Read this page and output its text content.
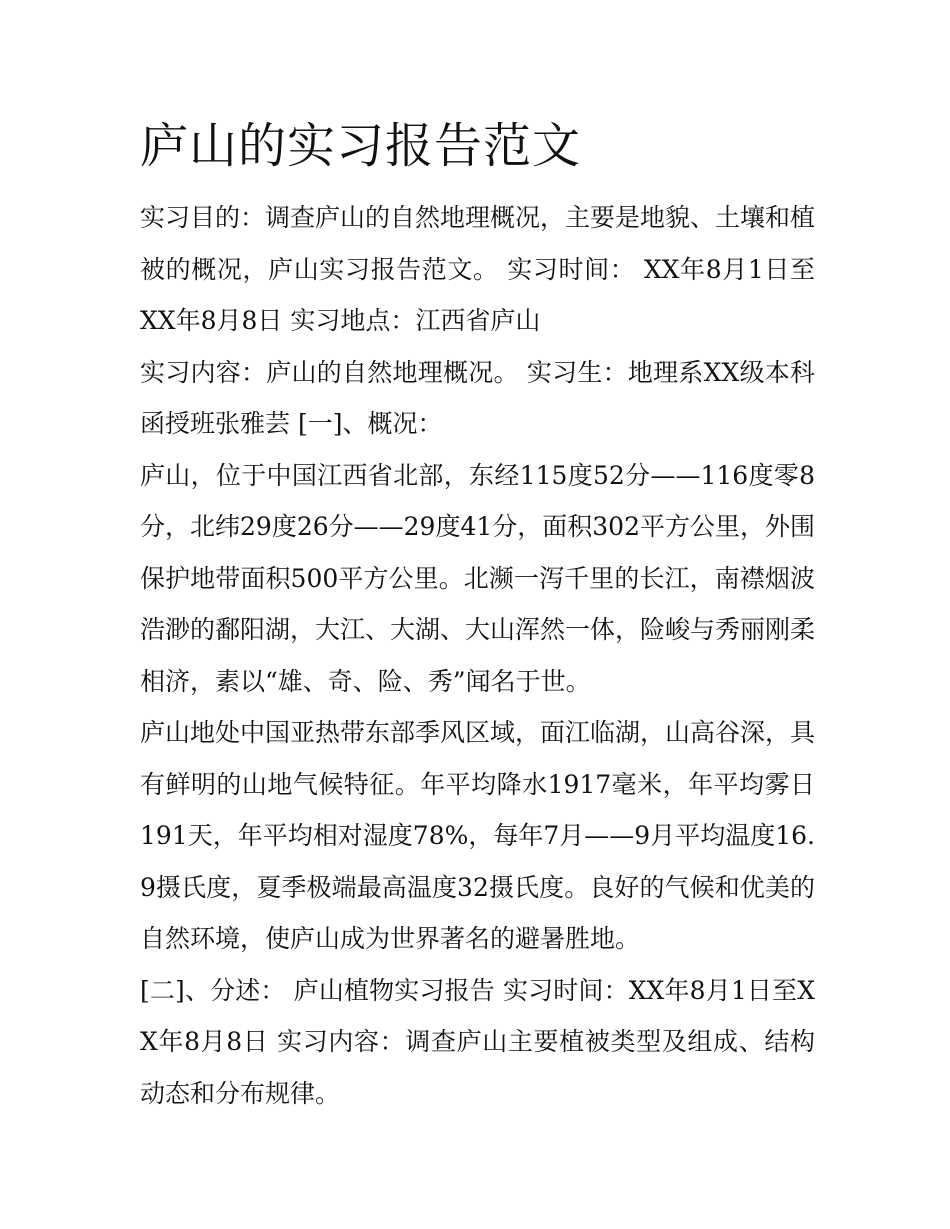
庐山的实习报告范文

实习目的：调查庐山的自然地理概况，主要是地貌、土壤和植被的概况，庐山实习报告范文。 实习时间： XX年8月1日至XX年8月8日 实习地点：江西省庐山

实习内容：庐山的自然地理概况。 实习生：地理系XX级本科函授班张雅芸 [一]、概况：

庐山，位于中国江西省北部，东经115度52分——116度零8分，北纬29度26分——29度41分，面积302平方公里，外围保护地带面积500平方公里。北濒一泻千里的长江，南襟烟波浩渺的鄱阳湖，大江、大湖、大山浑然一体，险峻与秀丽刚柔相济，素以“雄、奇、险、秀”闻名于世。

庐山地处中国亚热带东部季风区域，面江临湖，山高谷深，具有鲜明的山地气候特征。年平均降水1917毫米，年平均雾日191天，年平均相对湿度78%，每年7月——9月平均温度16.9摄氏度，夏季极端最高温度32摄氏度。良好的气候和优美的自然环境，使庐山成为世界著名的避暑胜地。

[二]、分述： 庐山植物实习报告 实习时间：XX年8月1日至XX年8月8日 实习内容：调查庐山主要植被类型及组成、结构动态和分布规律。
